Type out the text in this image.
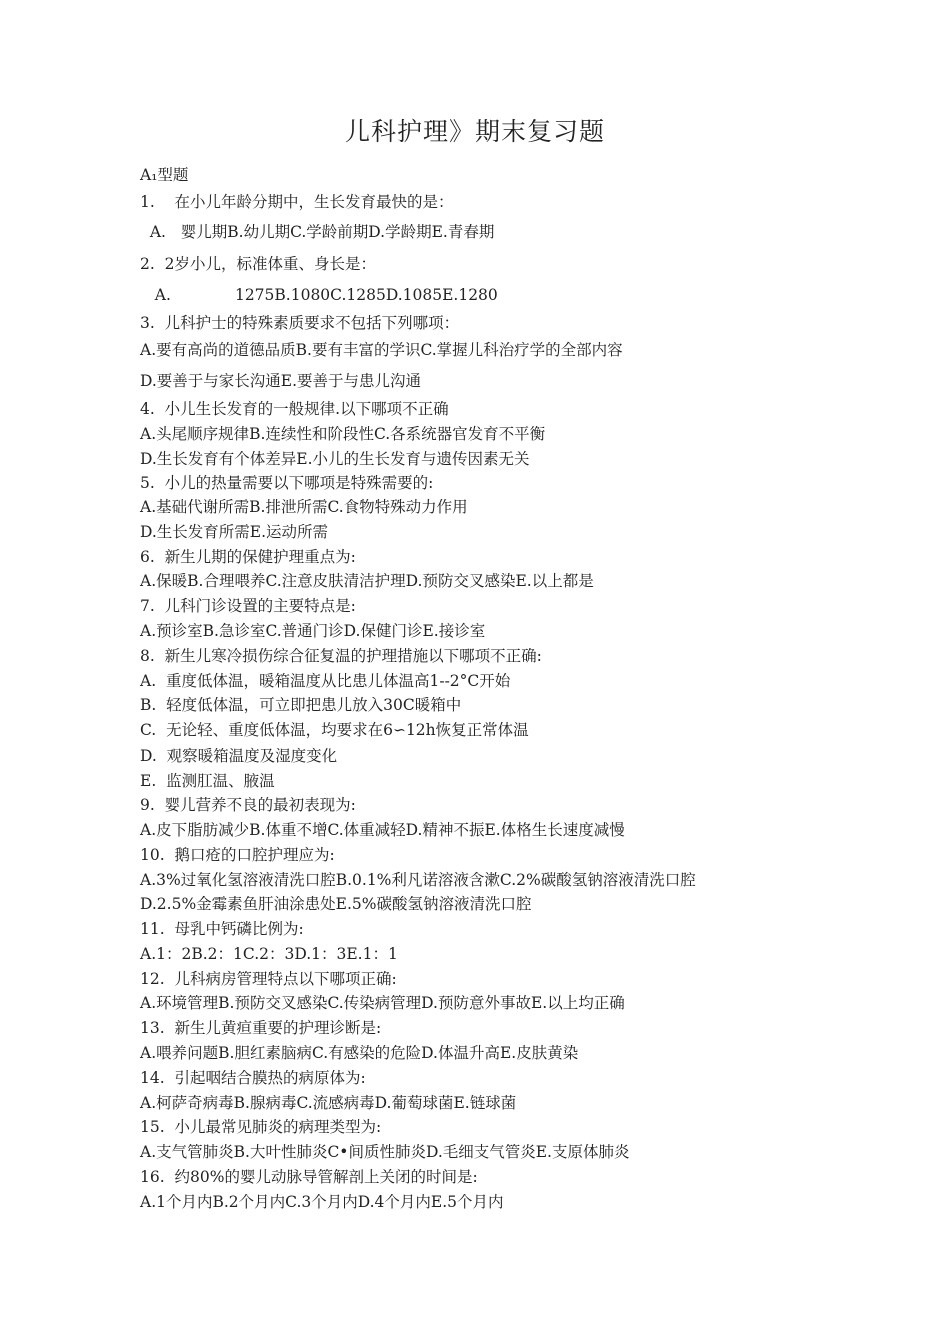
儿科护理》期末复习题
A₁型题
1.    在小儿年龄分期中，生长发育最快的是：
A.   婴儿期B.幼儿期C.学龄前期D.学龄期E.青春期
2.  2岁小儿，标准体重、身长是：
A.             1275B.1080C.1285D.1085E.1280
3.  儿科护士的特殊素质要求不包括下列哪项：
A.要有高尚的道德品质B.要有丰富的学识C.掌握儿科治疗学的全部内容
D.要善于与家长沟通E.要善于与患儿沟通
4.  小儿生长发育的一般规律.以下哪项不正确
A.头尾顺序规律B.连续性和阶段性C.各系统器官发育不平衡
D.生长发育有个体差异E.小儿的生长发育与遗传因素无关
5.  小儿的热量需要以下哪项是特殊需要的:
A.基础代谢所需B.排泄所需C.食物特殊动力作用
D.生长发育所需E.运动所需
6.  新生儿期的保健护理重点为:
A.保暖B.合理喂养C.注意皮肤清洁护理D.预防交叉感染E.以上都是
7.  儿科门诊设置的主要特点是:
A.预诊室B.急诊室C.普通门诊D.保健门诊E.接诊室
8.  新生儿寒冷损伤综合征复温的护理措施以下哪项不正确:
A.  重度低体温，暖箱温度从比患儿体温高1--2°C开始
B.  轻度低体温，可立即把患儿放入30C暖箱中
C.  无论轻、重度低体温，均要求在6∽12h恢复正常体温
D.  观察暖箱温度及湿度变化
E.  监测肛温、腋温
9.  婴儿营养不良的最初表现为:
A.皮下脂肪减少B.体重不增C.体重减轻D.精神不振E.体格生长速度减慢
10.  鹅口疮的口腔护理应为:
A.3%过氧化氢溶液清洗口腔B.0.1%利凡诺溶液含漱C.2%碳酸氢钠溶液清洗口腔
D.2.5%金霉素鱼肝油涂患处E.5%碳酸氢钠溶液清洗口腔
11.  母乳中钙磷比例为:
A.1：2B.2：1C.2：3D.1：3E.1：1
12.  儿科病房管理特点以下哪项正确:
A.环境管理B.预防交叉感染C.传染病管理D.预防意外事故E.以上均正确
13.  新生儿黄疸重要的护理诊断是:
A.喂养问题B.胆红素脑病C.有感染的危险D.体温升高E.皮肤黄染
14.  引起咽结合膜热的病原体为:
A.柯萨奇病毒B.腺病毒C.流感病毒D.葡萄球菌E.链球菌
15.  小儿最常见肺炎的病理类型为:
A.支气管肺炎B.大叶性肺炎C•间质性肺炎D.毛细支气管炎E.支原体肺炎
16.  约80%的婴儿动脉导管解剖上关闭的时间是:
A.1个月内B.2个月内C.3个月内D.4个月内E.5个月内
